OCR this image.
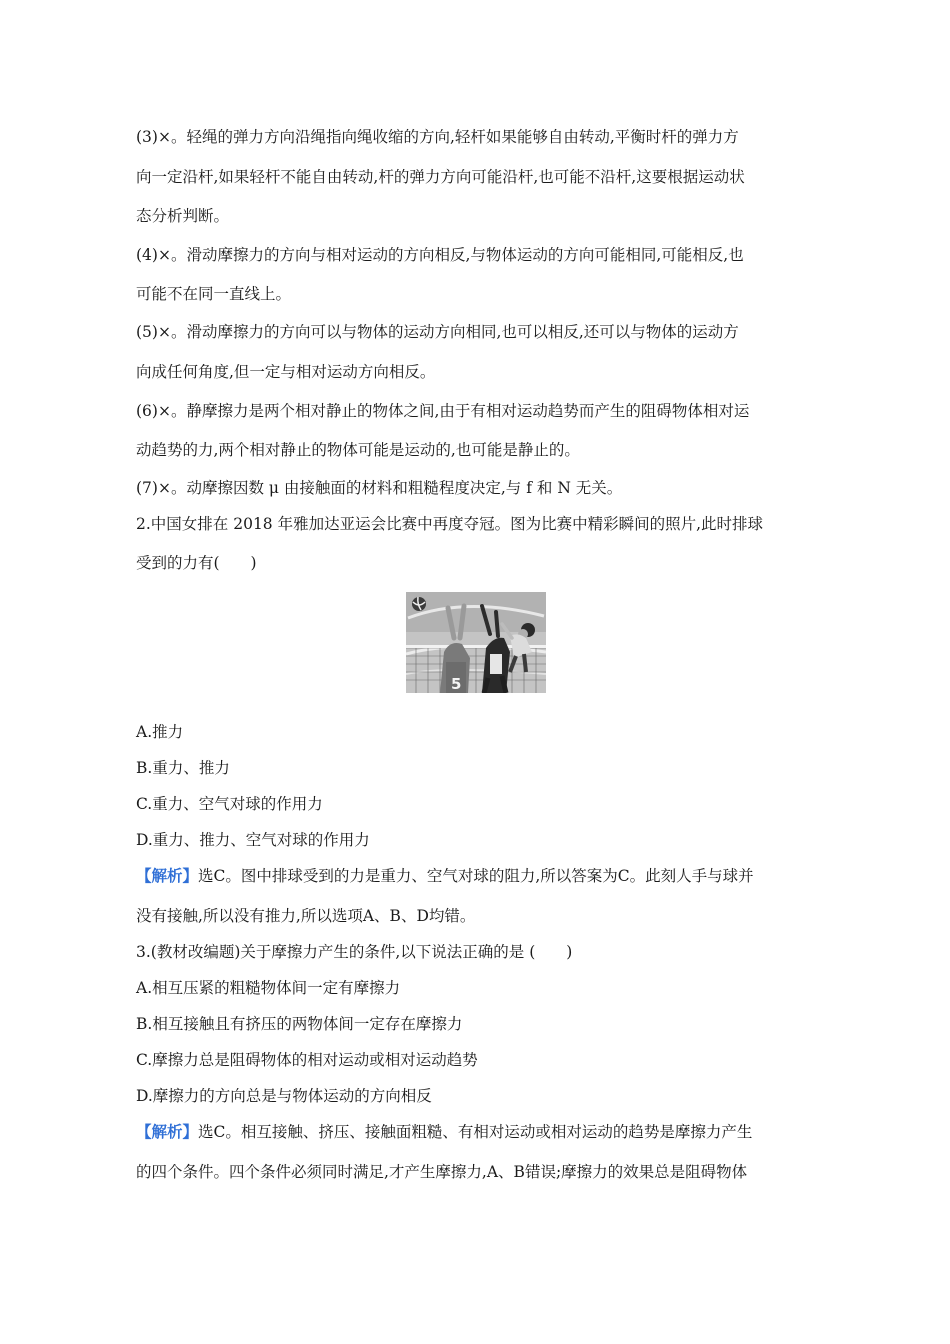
(3)×。轻绳的弹力方向沿绳指向绳收缩的方向,轻杆如果能够自由转动,平衡时杆的弹力方
向一定沿杆,如果轻杆不能自由转动,杆的弹力方向可能沿杆,也可能不沿杆,这要根据运动状
态分析判断。
(4)×。滑动摩擦力的方向与相对运动的方向相反,与物体运动的方向可能相同,可能相反,也
可能不在同一直线上。
(5)×。滑动摩擦力的方向可以与物体的运动方向相同,也可以相反,还可以与物体的运动方
向成任何角度,但一定与相对运动方向相反。
(6)×。静摩擦力是两个相对静止的物体之间,由于有相对运动趋势而产生的阻碍物体相对运
动趋势的力,两个相对静止的物体可能是运动的,也可能是静止的。
(7)×。动摩擦因数 μ 由接触面的材料和粗糙程度决定,与 f 和 N 无关。
2.中国女排在 2018 年雅加达亚运会比赛中再度夺冠。图为比赛中精彩瞬间的照片,此时排球
受到的力有(　　)
5
A.推力
B.重力、推力
C.重力、空气对球的作用力
D.重力、推力、空气对球的作用力
【解析】选C。图中排球受到的力是重力、空气对球的阻力,所以答案为C。此刻人手与球并
没有接触,所以没有推力,所以选项A、B、D均错。
3.(教材改编题)关于摩擦力产生的条件,以下说法正确的是 (　　)
A.相互压紧的粗糙物体间一定有摩擦力
B.相互接触且有挤压的两物体间一定存在摩擦力
C.摩擦力总是阻碍物体的相对运动或相对运动趋势
D.摩擦力的方向总是与物体运动的方向相反
【解析】选C。相互接触、挤压、接触面粗糙、有相对运动或相对运动的趋势是摩擦力产生
的四个条件。四个条件必须同时满足,才产生摩擦力,A、B错误;摩擦力的效果总是阻碍物体
